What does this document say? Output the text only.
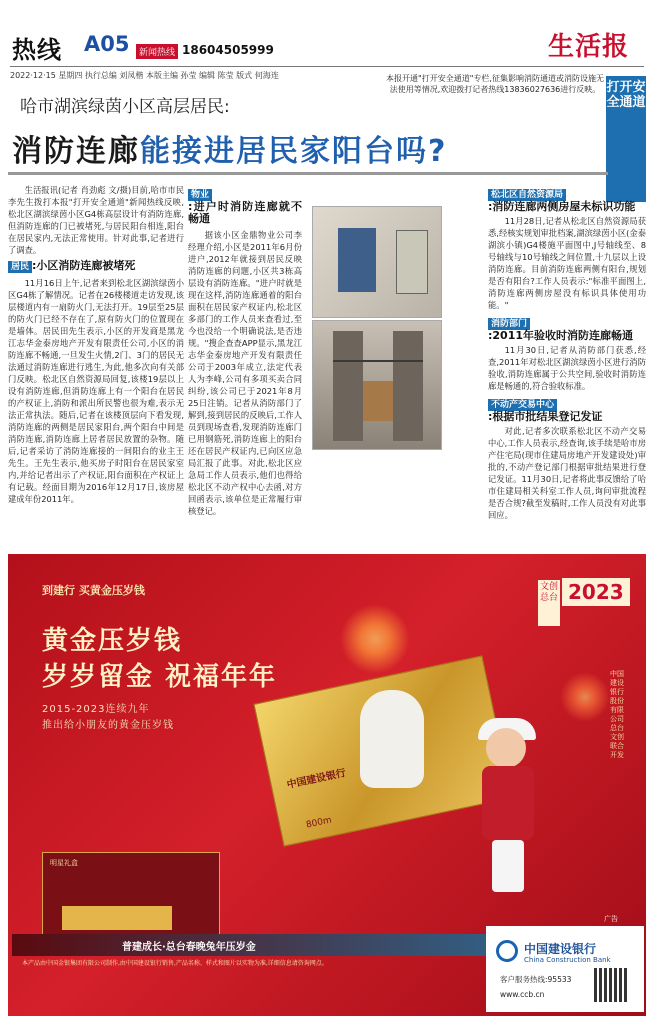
热线 A05	新闻热线 18604505999	生活报
2022·12·15 星期四 执行总编 刘凤楷 本版主编 孙莹 编辑 陈莹 版式 何海连	本报开通"打开安全通道"专栏,征集影响消防通道或消防设施无法使用等情况,欢迎拨打记者热线13836027636进行反映。 打开安全通道
哈市湖滨绿茵小区高层居民:
消防连廊能接进居民家阳台吗?

生活报讯(记者 肖劲彪 文/摄)目前,哈市市民李先生拨打本报"打开安全通道"新闻热线反映,松北区湖滨绿茵小区G4栋高层设计有消防连廊,但消防连廊的门已被堵死,与居民阳台相连,阳台在居民家内,无法正常使用。针对此事,记者进行了调查。

居民 :小区消防连廊被堵死

11月16日上午,记者来到松北区湖滨绿茵小区G4栋了解情况。记者在26楼楼道走访发现,该层楼道内有一扇防火门,无法打开。19层至25层的防火门已经不存在了,原有防火门的位置现在是墙体。居民田先生表示,小区的开发商是黑龙江志华金泰房地产开发有限责任公司,小区的消防连廊不畅通,一旦发生火情,2门、3门的居民无法通过消防连廊进行逃生,为此,他多次向有关部门反映。松北区自然资源局回复,该楼19层以上设有消防连廊,但消防连廊上有一个阳台在居民的产权证上,消防和派出所民警也很为难,表示无法正常执法。随后,记者在该楼顶层向下看发现,消防连廊的两侧是居民家阳台,两个阳台中间是消防连廊,消防连廊上居者居民放置的杂物。随后,记者采访了消防连廊接的一间阳台的业主王先生。王先生表示,他买房子时阳台在居民家室内,并给记者出示了产权证,阳台面积在产权证上有记载。经面目期为2016年12月17日,该房屋建成年份2011年。

物业
:进户时消防连廊就不畅通

据该小区金鼎物业公司李经理介绍,小区是2011年6月份进户,2012年就接到居民反映消防连廊的问题,小区共3栋高层设有消防连廊。"进户时就是现在这样,消防连廊通着的阳台面积在居民家产权证内,松北区多部门的工作人员来查看过,至今也没给一个明确说法,是否违规。"搜企查查APP显示,黑龙江志华金泰房地产开发有限责任公司于2003年成立,法定代表人为李峰,公司有多项买卖合同纠纷,该公司已于2021年8月25日注销。记者从消防部门了解到,接到居民的反映后,工作人员到现场查看,发现消防连廊门已用钢筋死,消防连廊上的阳台还在居民产权证内,已向区应急局汇报了此事。对此,松北区应急局工作人员表示,他们也得给松北区不动产权中心去函,对方回函表示,该单位是正常履行审核登记。

松北区自然资源局
:消防连廊两侧房屋未标识功能

11月28日,记者从松北区自然资源局获悉,经核实规划审批档案,湖滨绿茵小区(金泰湖滨小镇)G4楼施平面图中,J号轴线至、8号轴线与10号轴线之间位置,十九层以上设消防连廊。目前消防连廊两侧有阳台,规划是否有阳台?工作人员表示:"标准平面图上,消防连廊两侧房屋没有标识具体使用功能。"

消防部门
:2011年验收时消防连廊畅通

11月30日,记者从消防部门获悉,经查,2011年对松北区湖滨绿茵小区进行消防验收,消防连廊属于公共空间,验收时消防连廊是畅通的,符合验收标准。

不动产交易中心
:根据市批结果登记发证

对此,记者多次联系松北区不动产交易中心,工作人员表示,经查询,该手续是哈市房产住宅局(现市住建局房地产开发建设处)审批的,不动产登记部门根据审批结果进行登记发证。11月30日,记者将此事反馈给了哈市住建局相关科室工作人员,询问审批流程是否合规?截至发稿时,工作人员没有对此事回应。

到建行 买黄金压岁钱	文创总台 2023
黄金压岁钱
岁岁留金 祝福年年
2015-2023连续九年
推出给小朋友的黄金压岁钱
中国建设银行
800m
中国建设银行股份有限公司总台文创 联合开发
明星礼盒
普建成长·总台春晚兔年压岁金
本产品由中国金银集团有限公司制作,由中国建设银行销售,产品名称、样式和图片以实物为准,详细信息请咨询网点。
广告
中国建设银行
China Construction Bank
客户服务热线:95533
www.ccb.cn
